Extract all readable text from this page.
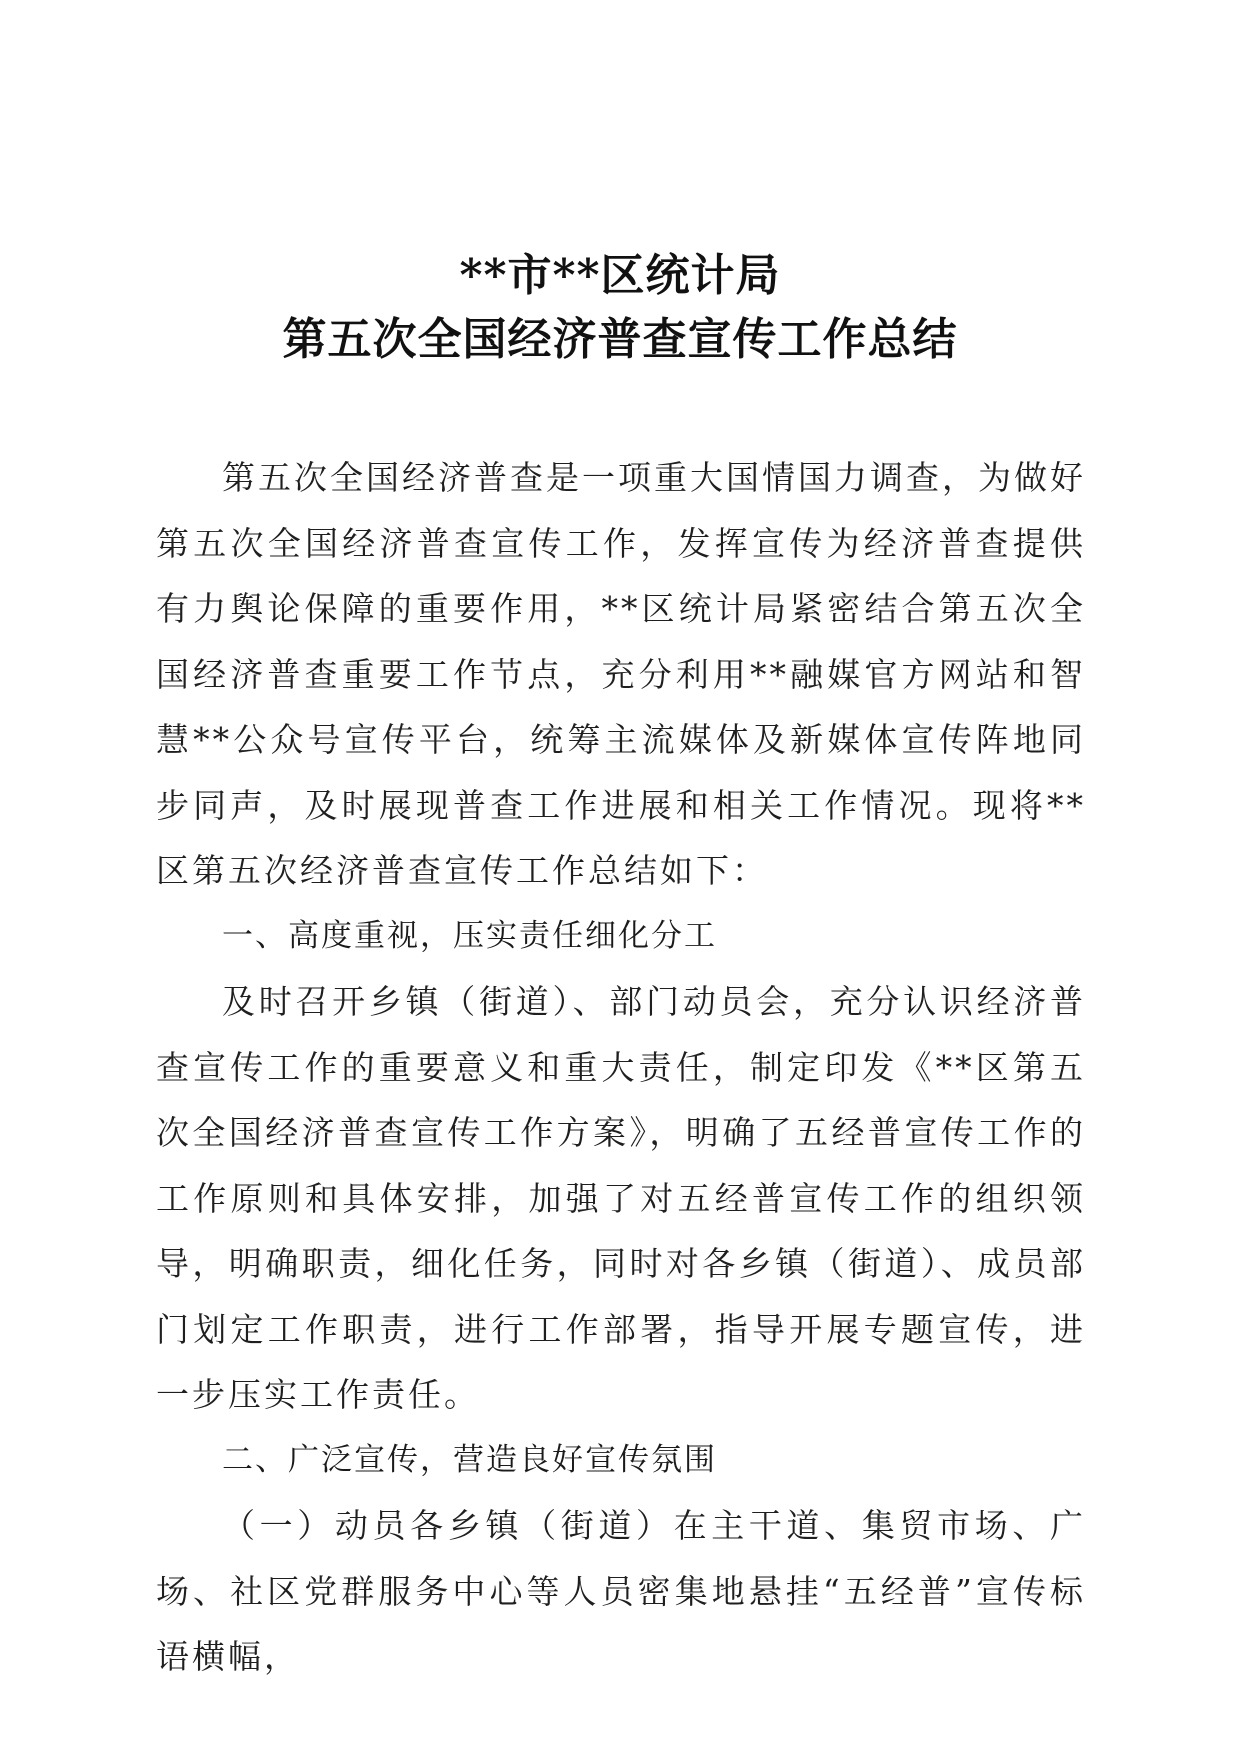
**市**区统计局
第五次全国经济普查宣传工作总结

第五次全国经济普查是一项重大国情国力调查，为做好第五次全国经济普查宣传工作，发挥宣传为经济普查提供有力舆论保障的重要作用，**区统计局紧密结合第五次全国经济普查重要工作节点，充分利用**融媒官方网站和智慧**公众号宣传平台，统筹主流媒体及新媒体宣传阵地同步同声，及时展现普查工作进展和相关工作情况。现将**区第五次经济普查宣传工作总结如下：

一、高度重视，压实责任细化分工

及时召开乡镇（街道）、部门动员会，充分认识经济普查宣传工作的重要意义和重大责任，制定印发《**区第五次全国经济普查宣传工作方案》，明确了五经普宣传工作的工作原则和具体安排，加强了对五经普宣传工作的组织领导，明确职责，细化任务，同时对各乡镇（街道）、成员部门划定工作职责，进行工作部署，指导开展专题宣传，进一步压实工作责任。

二、广泛宣传，营造良好宣传氛围

（一）动员各乡镇（街道）在主干道、集贸市场、广场、社区党群服务中心等人员密集地悬挂“五经普”宣传标语横幅，
